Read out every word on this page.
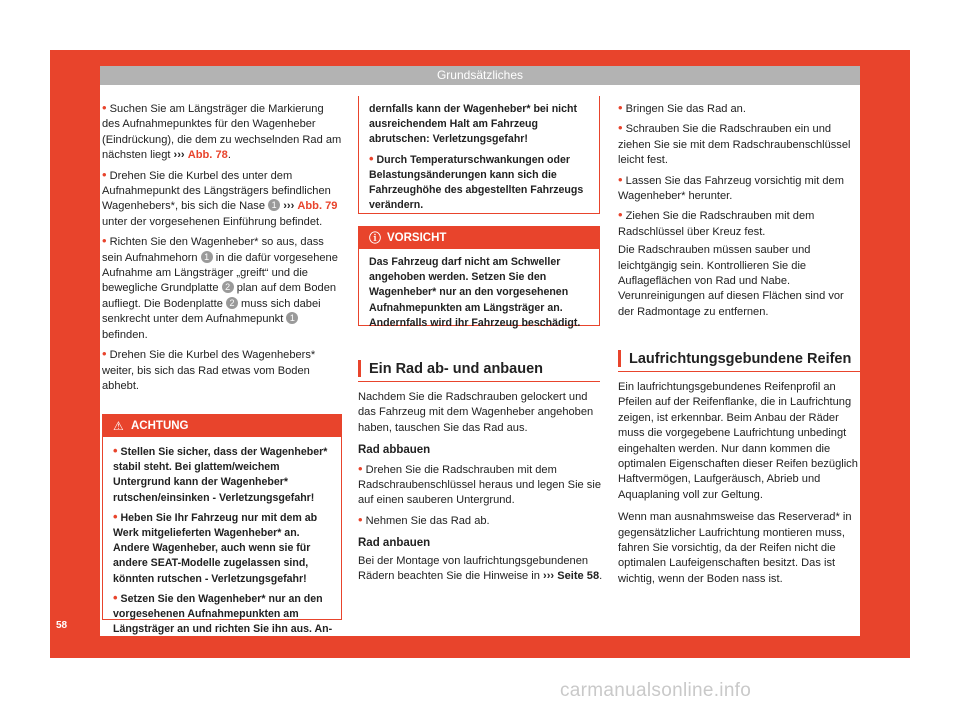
Grundsätzliches
58

• Suchen Sie am Längsträger die Markierung des Aufnahmepunktes für den Wagenheber (Eindrückung), die dem zu wechselnden Rad am nächsten liegt ››› Abb. 78.

• Drehen Sie die Kurbel des unter dem Aufnahmepunkt des Längsträgers befindlichen Wagenhebers*, bis sich die Nase 1 ››› Abb. 79 unter der vorgesehenen Einführung befindet.

• Richten Sie den Wagenheber* so aus, dass sein Aufnahmehorn 1 in die dafür vorgesehene Aufnahme am Längsträger „greift“ und die bewegliche Grundplatte 2 plan auf dem Boden aufliegt. Die Bodenplatte 2 muss sich dabei senkrecht unter dem Aufnahmepunkt 1 befinden.

• Drehen Sie die Kurbel des Wagenhebers* weiter, bis sich das Rad etwas vom Boden abhebt.

⚠ ACHTUNG

• Stellen Sie sicher, dass der Wagenheber* stabil steht. Bei glattem/weichem Untergrund kann der Wagenheber* rutschen/einsinken - Verletzungsgefahr!

• Heben Sie Ihr Fahrzeug nur mit dem ab Werk mitgelieferten Wagenheber* an. Andere Wagenheber, auch wenn sie für andere SEAT-Modelle zugelassen sind, könnten rutschen - Verletzungsgefahr!

• Setzen Sie den Wagenheber* nur an den vorgesehenen Aufnahmepunkten am Längsträger an und richten Sie ihn aus. An-

dernfalls kann der Wagenheber* bei nicht ausreichendem Halt am Fahrzeug abrutschen: Verletzungsgefahr!

• Durch Temperaturschwankungen oder Belastungsänderungen kann sich die Fahrzeughöhe des abgestellten Fahrzeugs verändern.

ⓘ VORSICHT
Das Fahrzeug darf nicht am Schweller angehoben werden. Setzen Sie den Wagenheber* nur an den vorgesehenen Aufnahmepunkten am Längsträger an. Andernfalls wird ihr Fahrzeug beschädigt.
Ein Rad ab- und anbauen

Nachdem Sie die Radschrauben gelockert und das Fahrzeug mit dem Wagenheber angehoben haben, tauschen Sie das Rad aus.

Rad abbauen

• Drehen Sie die Radschrauben mit dem Radschraubenschlüssel heraus und legen Sie sie auf einen sauberen Untergrund.

• Nehmen Sie das Rad ab.

Rad anbauen

Bei der Montage von laufrichtungsgebundenen Rädern beachten Sie die Hinweise in ››› Seite 58.

• Bringen Sie das Rad an.

• Schrauben Sie die Radschrauben ein und ziehen Sie sie mit dem Radschraubenschlüssel leicht fest.

• Lassen Sie das Fahrzeug vorsichtig mit dem Wagenheber* herunter.

• Ziehen Sie die Radschrauben mit dem Radschlüssel über Kreuz fest.

Die Radschrauben müssen sauber und leichtgängig sein. Kontrollieren Sie die Auflageflächen von Rad und Nabe. Verunreinigungen auf diesen Flächen sind vor der Radmontage zu entfernen.

Laufrichtungsgebundene Reifen

Ein laufrichtungsgebundenes Reifenprofil an Pfeilen auf der Reifenflanke, die in Laufrichtung zeigen, ist erkennbar. Beim Anbau der Räder muss die vorgegebene Laufrichtung unbedingt eingehalten werden. Nur dann kommen die optimalen Eigenschaften dieser Reifen bezüglich Haftvermögen, Laufgeräusch, Abrieb und Aquaplaning voll zur Geltung.

Wenn man ausnahmsweise das Reserverad* in gegensätzlicher Laufrichtung montieren muss, fahren Sie vorsichtig, da der Reifen nicht die optimalen Laufeigenschaften besitzt. Das ist wichtig, wenn der Boden nass ist.

carmanualsonline.info
